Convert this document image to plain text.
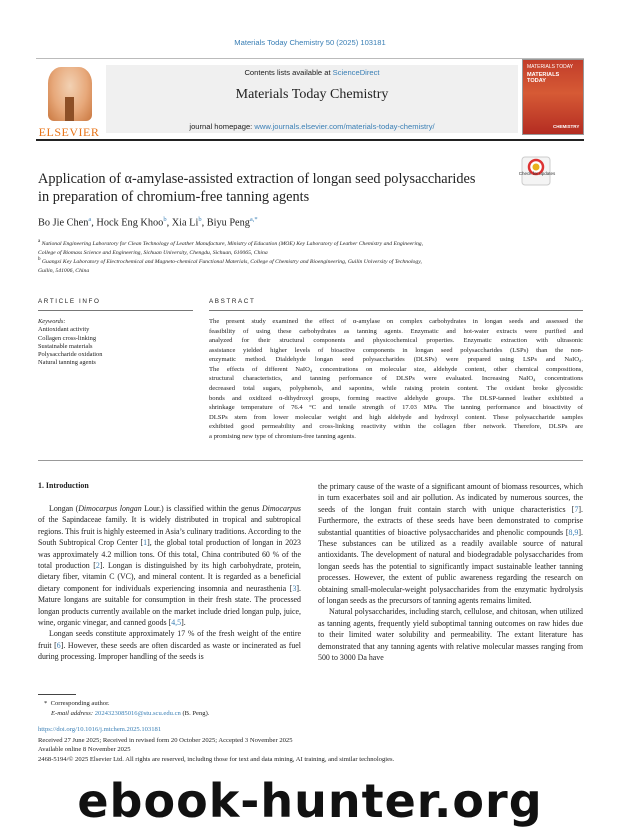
Materials Today Chemistry 50 (2025) 103181
ELSEVIER
Contents lists available at ScienceDirect
Materials Today Chemistry
journal homepage: www.journals.elsevier.com/materials-today-chemistry/
MATERIALS TODAY
MATERIALS TODAY
CHEMISTRY
Application of α-amylase-assisted extraction of longan seed polysaccharides
in preparation of chromium-free tanning agents
Check for updates
Bo Jie Chen$^a$, Hock Eng Khoo$^b$, Xia Li$^b$, Biyu Peng$^{a,*}$
$^a$ National Engineering Laboratory for Clean Technology of Leather Manufacture, Ministry of Education (MOE) Key Laboratory of Leather Chemistry and Engineering,
College of Biomass Science and Engineering, Sichuan University, Chengdu, Sichuan, 610065, China
$^b$ Guangxi Key Laboratory of Electrochemical and Magneto-chemical Functional Materials, College of Chemistry and Bioengineering, Guilin University of Technology,
Guilin, 541006, China
ARTICLE INFO	ABSTRACT
Keywords:
Antioxidant activity
Collagen cross-linking
Sustainable materials
Polysaccharide oxidation
Natural tanning agents
The present study examined the effect of α-amylase on complex carbohydrates in longan seeds and assessed the
feasibility of using these carbohydrates as tanning agents. Enzymatic and hot-water extracts were purified and
analyzed for their structural components and physicochemical properties. Enzymatic extraction with ultrasonic
assistance yielded higher levels of bioactive components in longan seed polysaccharides (LSPs) than the non-
enzymatic method. Dialdehyde longan seed polysaccharides (DLSPs) were prepared using LSPs and NaIO₄.
The effects of different NaIO₄ concentrations on molecular size, aldehyde content, other chemical compositions,
structural characteristics, and tanning performance of DLSPs were evaluated. Increasing NaIO₄ concentrations
decreased total sugars, polyphenols, and saponins, while raising protein content. The oxidant broke glycosidic
bonds and oxidized α-dihydroxyl groups, forming reactive aldehyde groups. The DLSP-tanned leather exhibited a
shrinkage temperature of 76.4 °C and tensile strength of 17.03 MPa. The tanning performance and bioactivity of
DLSPs stem from lower molecular weight and high aldehyde and hydroxyl content. These polysaccharide samples
exhibited good permeability and cross-linking reactivity within the collagen fiber network. Therefore, DLSPs are
a promising new type of chromium-free tanning agents.
1. Introduction

Longan (Dimocarpus longan Lour.) is classified within the genus Dimocarpus of the Sapindaceae family. It is widely distributed in tropical and subtropical regions. This fruit is highly esteemed in Asia’s culinary traditions. According to the South Subtropical Crop Center [1], the global total production of longan in 2023 was approximately 4.2 million tons. Of this total, China contributed 60 % of the total production [2]. Longan is distinguished by its high carbohydrate, protein, dietary fiber, vitamin C (VC), and mineral content. It is regarded as a beneficial dietary component for individuals experiencing insomnia and neurasthenia [3]. Mature longans are suitable for consumption in their fresh state. The processed longan products currently available on the market include dried longan pulp, juice, wine, organic vinegar, and canned goods [4,5].

Longan seeds constitute approximately 17 % of the fresh weight of the entire fruit [6]. However, these seeds are often discarded as waste or incinerated as fuel during processing. Improper handling of the seeds is

the primary cause of the waste of a significant amount of biomass resources, which in turn exacerbates soil and air pollution. As indicated by numerous sources, the seeds of the longan fruit contain starch with unique characteristics [7]. Furthermore, the extracts of these seeds have been demonstrated to comprise substantial quantities of bioactive polysaccharides and phenolic compounds [8,9]. These substances can be utilized as a readily available source of natural antioxidants. The development of natural and biodegradable polysaccharides from longan seeds has the potential to significantly impact sustainable leather tanning processes. However, the extent of public awareness regarding the research on obtaining small-molecular-weight polysaccharides from the enzymatic hydrolysis of longan seeds as the precursors of tanning agents remains limited.

Natural polysaccharides, including starch, cellulose, and chitosan, when utilized as tanning agents, frequently yield suboptimal tanning outcomes on raw hides due to their limited water solubility and permeability. The extant literature has demonstrated that any tanning agents with relative molecular masses ranging from 500 to 3000 Da have

* Corresponding author.
E-mail address: 2024323085016@stu.scu.edu.cn (B. Peng).
https://doi.org/10.1016/j.mtchem.2025.103181
Received 27 June 2025; Received in revised form 20 October 2025; Accepted 3 November 2025
Available online 8 November 2025
2468-5194/© 2025 Elsevier Ltd. All rights are reserved, including those for text and data mining, AI training, and similar technologies.
ebook-hunter.org
